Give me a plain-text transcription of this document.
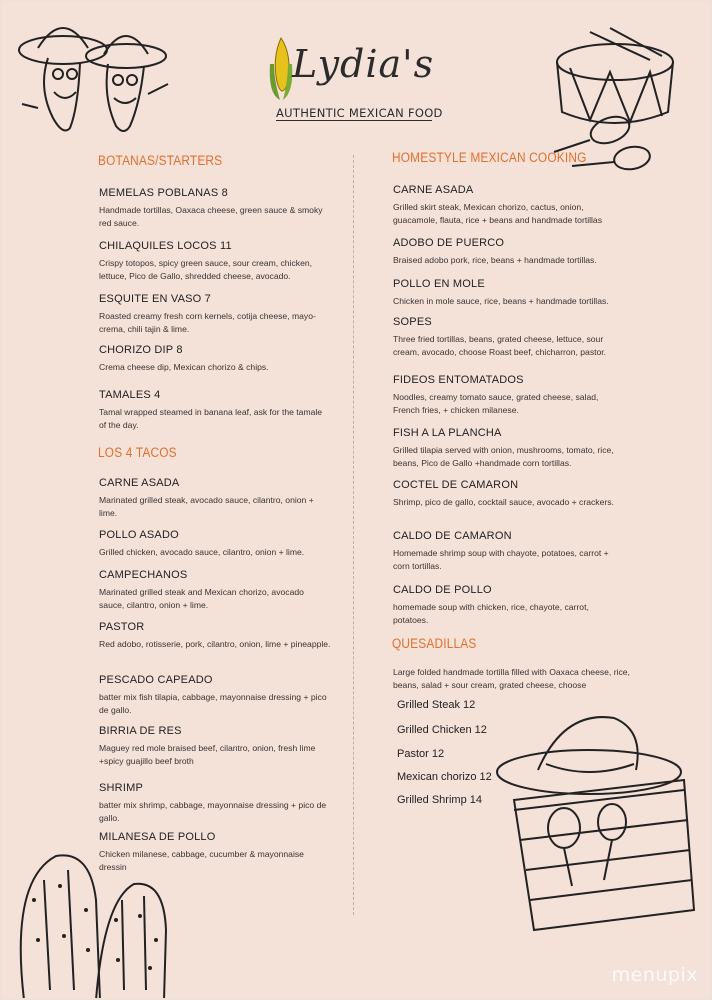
Lydia's
AUTHENTIC MEXICAN FOOD
BOTANAS/STARTERS
MEMELAS POBLANAS 8
Handmade tortillas, Oaxaca cheese, green sauce & smoky red sauce.
CHILAQUILES LOCOS 11
Crispy totopos, spicy green sauce, sour cream, chicken, lettuce, Pico de Gallo, shredded cheese, avocado.
ESQUITE EN VASO 7
Roasted creamy fresh corn kernels, cotija cheese, mayo-crema, chili tajin & lime.
CHORIZO DIP 8
Crema cheese dip, Mexican chorizo & chips.
TAMALES 4
Tamal wrapped steamed in banana leaf, ask for the tamale of the day.
LOS 4 TACOS
CARNE ASADA
Marinated grilled steak, avocado sauce, cilantro, onion + lime.
POLLO ASADO
Grilled chicken, avocado sauce, cilantro, onion + lime.
CAMPECHANOS
Marinated grilled steak and Mexican chorizo, avocado sauce, cilantro, onion + lime.
PASTOR
Red adobo, rotisserie, pork, cilantro, onion, lime + pineapple.
PESCADO CAPEADO
batter mix fish tilapia, cabbage, mayonnaise dressing + pico de gallo.
BIRRIA DE RES
Maguey red mole braised beef, cilantro, onion, fresh lime +spicy guajillo beef broth
SHRIMP
batter mix shrimp, cabbage, mayonnaise dressing + pico de gallo.
MILANESA DE POLLO
Chicken milanese, cabbage, cucumber & mayonnaise dressin
HOMESTYLE MEXICAN COOKING
CARNE ASADA
Grilled skirt steak, Mexican chorizo, cactus, onion, guacamole, flauta, rice + beans and handmade tortillas
ADOBO DE PUERCO
Braised adobo pork, rice, beans + handmade tortillas.
POLLO EN MOLE
Chicken in mole sauce, rice, beans + handmade tortillas.
SOPES
Three fried tortillas, beans, grated cheese, lettuce, sour cream, avocado, choose Roast beef, chicharron, pastor.
FIDEOS ENTOMATADOS
Noodles, creamy tomato sauce, grated cheese, salad, French fries, + chicken milanese.
FISH A LA PLANCHA
Grilled tilapia served with onion, mushrooms, tomato, rice, beans, Pico de Gallo +handmade corn tortillas.
COCTEL DE CAMARON
Shrimp, pico de gallo, cocktail sauce, avocado + crackers.
CALDO DE CAMARON
Homemade shrimp soup with chayote, potatoes, carrot + corn tortillas.
CALDO DE POLLO
homemade soup with chicken, rice, chayote, carrot, potatoes.
QUESADILLAS
Large folded handmade tortilla filled with Oaxaca cheese, rice, beans, salad + sour cream, grated cheese, choose
Grilled Steak 12
Grilled Chicken 12
Pastor 12
Mexican chorizo 12
Grilled Shrimp 14
menupix
